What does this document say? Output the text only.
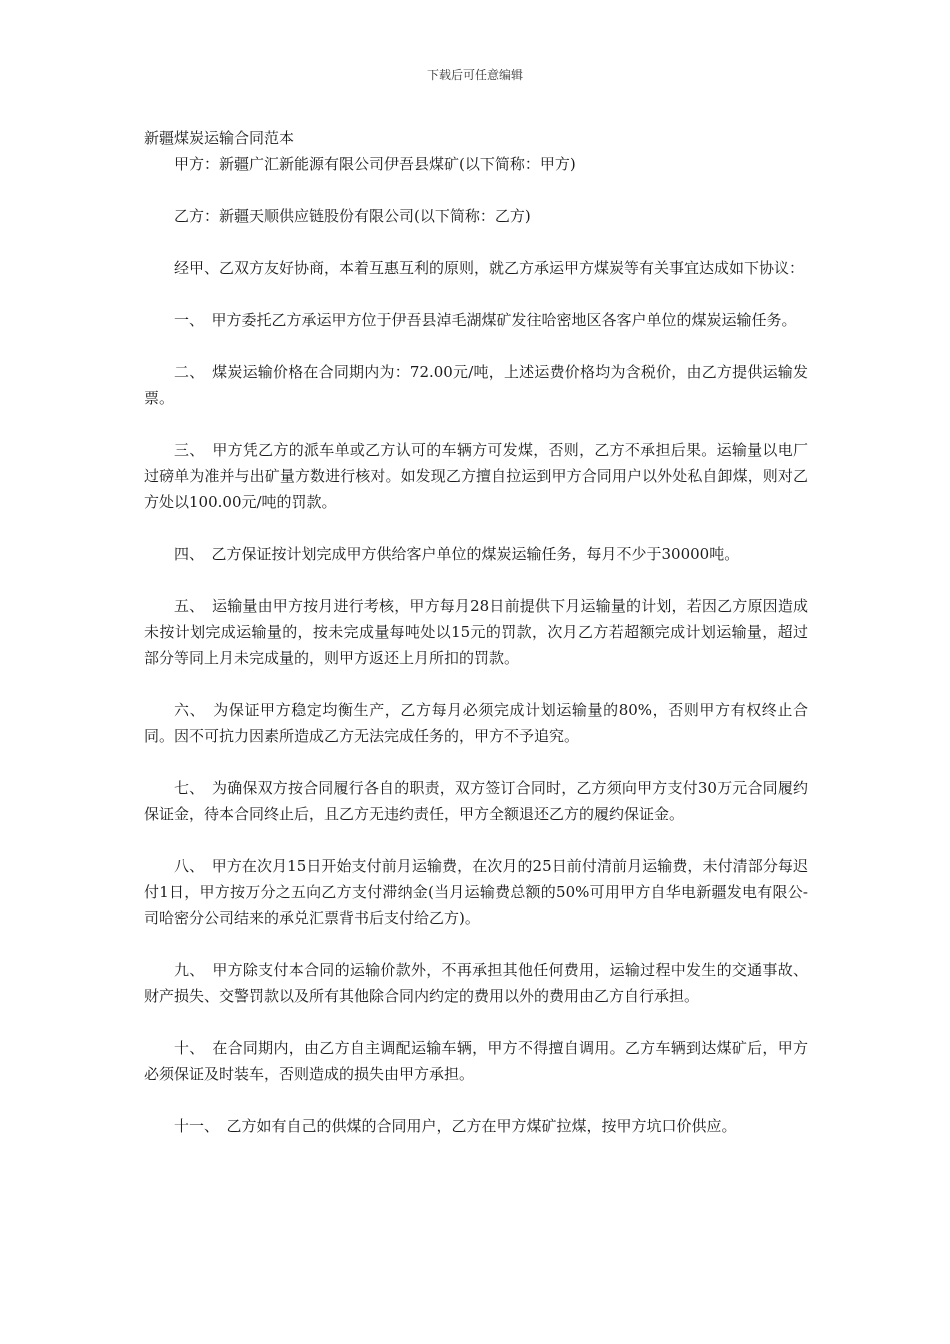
下载后可任意编辑

新疆煤炭运输合同范本

甲方：新疆广汇新能源有限公司伊吾县煤矿(以下简称：甲方)

乙方：新疆天顺供应链股份有限公司(以下简称：乙方)

经甲、乙双方友好协商，本着互惠互利的原则，就乙方承运甲方煤炭等有关事宜达成如下协议：

一、　甲方委托乙方承运甲方位于伊吾县淖毛湖煤矿发往哈密地区各客户单位的煤炭运输任务。

二、　煤炭运输价格在合同期内为：72.00元/吨，上述运费价格均为含税价，由乙方提供运输发票。

三、　甲方凭乙方的派车单或乙方认可的车辆方可发煤，否则，乙方不承担后果。运输量以电厂过磅单为准并与出矿量方数进行核对。如发现乙方擅自拉运到甲方合同用户以外处私自卸煤，则对乙方处以100.00元/吨的罚款。

四、　乙方保证按计划完成甲方供给客户单位的煤炭运输任务，每月不少于30000吨。

五、　运输量由甲方按月进行考核，甲方每月28日前提供下月运输量的计划，若因乙方原因造成未按计划完成运输量的，按未完成量每吨处以15元的罚款，次月乙方若超额完成计划运输量，超过部分等同上月未完成量的，则甲方返还上月所扣的罚款。

六、　为保证甲方稳定均衡生产，乙方每月必须完成计划运输量的80%，否则甲方有权终止合同。因不可抗力因素所造成乙方无法完成任务的，甲方不予追究。

七、　为确保双方按合同履行各自的职责，双方签订合同时，乙方须向甲方支付30万元合同履约保证金，待本合同终止后，且乙方无违约责任，甲方全额退还乙方的履约保证金。

八、　甲方在次月15日开始支付前月运输费，在次月的25日前付清前月运输费，未付清部分每迟付1日，甲方按万分之五向乙方支付滞纳金(当月运输费总额的50%可用甲方自华电新疆发电有限公-司哈密分公司结来的承兑汇票背书后支付给乙方)。

九、　甲方除支付本合同的运输价款外，不再承担其他任何费用，运输过程中发生的交通事故、财产损失、交警罚款以及所有其他除合同内约定的费用以外的费用由乙方自行承担。

十、　在合同期内，由乙方自主调配运输车辆，甲方不得擅自调用。乙方车辆到达煤矿后，甲方必须保证及时装车，否则造成的损失由甲方承担。

十一、　乙方如有自己的供煤的合同用户，乙方在甲方煤矿拉煤，按甲方坑口价供应。
